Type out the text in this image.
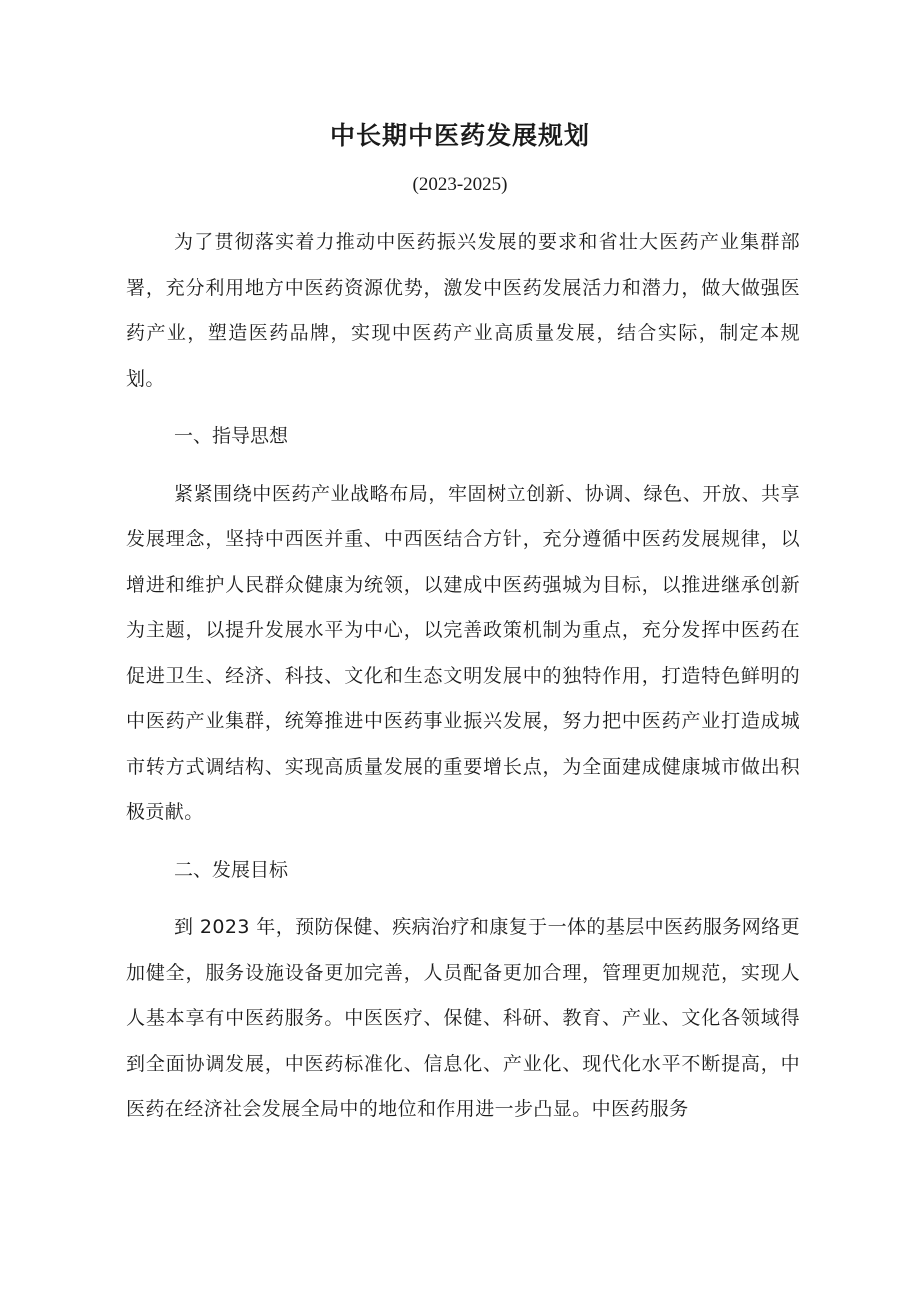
中长期中医药发展规划
(2023-2025)

为了贯彻落实着力推动中医药振兴发展的要求和省壮大医药产业集群部署，充分利用地方中医药资源优势，激发中医药发展活力和潜力，做大做强医药产业，塑造医药品牌，实现中医药产业高质量发展，结合实际，制定本规划。

一、指导思想

紧紧围绕中医药产业战略布局，牢固树立创新、协调、绿色、开放、共享发展理念，坚持中西医并重、中西医结合方针，充分遵循中医药发展规律，以增进和维护人民群众健康为统领，以建成中医药强城为目标，以推进继承创新为主题，以提升发展水平为中心，以完善政策机制为重点，充分发挥中医药在促进卫生、经济、科技、文化和生态文明发展中的独特作用，打造特色鲜明的中医药产业集群，统筹推进中医药事业振兴发展，努力把中医药产业打造成城市转方式调结构、实现高质量发展的重要增长点，为全面建成健康城市做出积极贡献。

二、发展目标

到 2023 年，预防保健、疾病治疗和康复于一体的基层中医药服务网络更加健全，服务设施设备更加完善，人员配备更加合理，管理更加规范，实现人人基本享有中医药服务。中医医疗、保健、科研、教育、产业、文化各领域得到全面协调发展，中医药标准化、信息化、产业化、现代化水平不断提高，中医药在经济社会发展全局中的地位和作用进一步凸显。中医药服务
